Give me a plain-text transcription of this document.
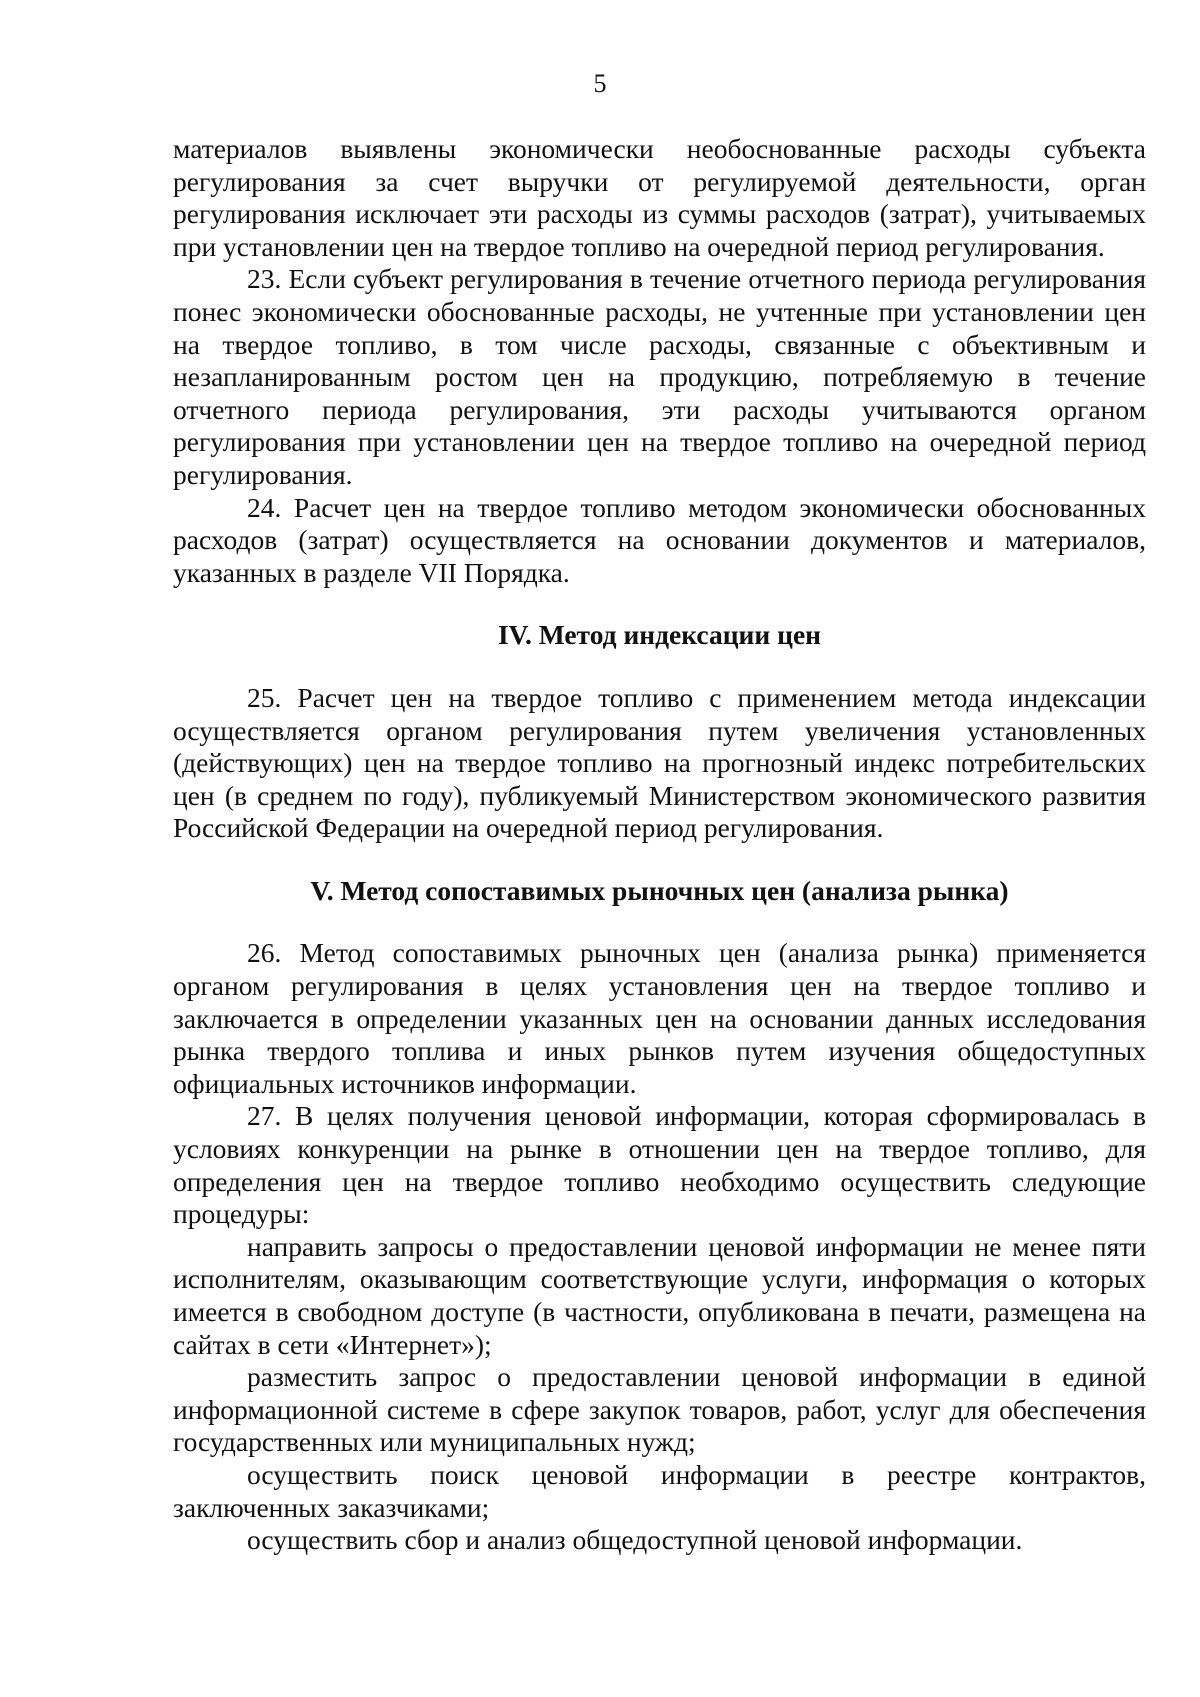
5

материалов выявлены экономически необоснованные расходы субъекта регулирования за счет выручки от регулируемой деятельности, орган регулирования исключает эти расходы из суммы расходов (затрат), учитываемых при установлении цен на твердое топливо на очередной период регулирования.

23. Если субъект регулирования в течение отчетного периода регулирования понес экономически обоснованные расходы, не учтенные при установлении цен на твердое топливо, в том числе расходы, связанные с объективным и незапланированным ростом цен на продукцию, потребляемую в течение отчетного периода регулирования, эти расходы учитываются органом регулирования при установлении цен на твердое топливо на очередной период регулирования.

24. Расчет цен на твердое топливо методом экономически обоснованных расходов (затрат) осуществляется на основании документов и материалов, указанных в разделе VII Порядка.

IV. Метод индексации цен

25. Расчет цен на твердое топливо с применением метода индексации осуществляется органом регулирования путем увеличения установленных (действующих) цен на твердое топливо на прогнозный индекс потребительских цен (в среднем по году), публикуемый Министерством экономического развития Российской Федерации на очередной период регулирования.

V. Метод сопоставимых рыночных цен (анализа рынка)

26. Метод сопоставимых рыночных цен (анализа рынка) применяется органом регулирования в целях установления цен на твердое топливо и заключается в определении указанных цен на основании данных исследования рынка твердого топлива и иных рынков путем изучения общедоступных официальных источников информации.

27. В целях получения ценовой информации, которая сформировалась в условиях конкуренции на рынке в отношении цен на твердое топливо, для определения цен на твердое топливо необходимо осуществить следующие процедуры:

направить запросы о предоставлении ценовой информации не менее пяти исполнителям, оказывающим соответствующие услуги, информация о которых имеется в свободном доступе (в частности, опубликована в печати, размещена на сайтах в сети «Интернет»);

разместить запрос о предоставлении ценовой информации в единой информационной системе в сфере закупок товаров, работ, услуг для обеспечения государственных или муниципальных нужд;

осуществить поиск ценовой информации в реестре контрактов, заключенных заказчиками;

осуществить сбор и анализ общедоступной ценовой информации.
